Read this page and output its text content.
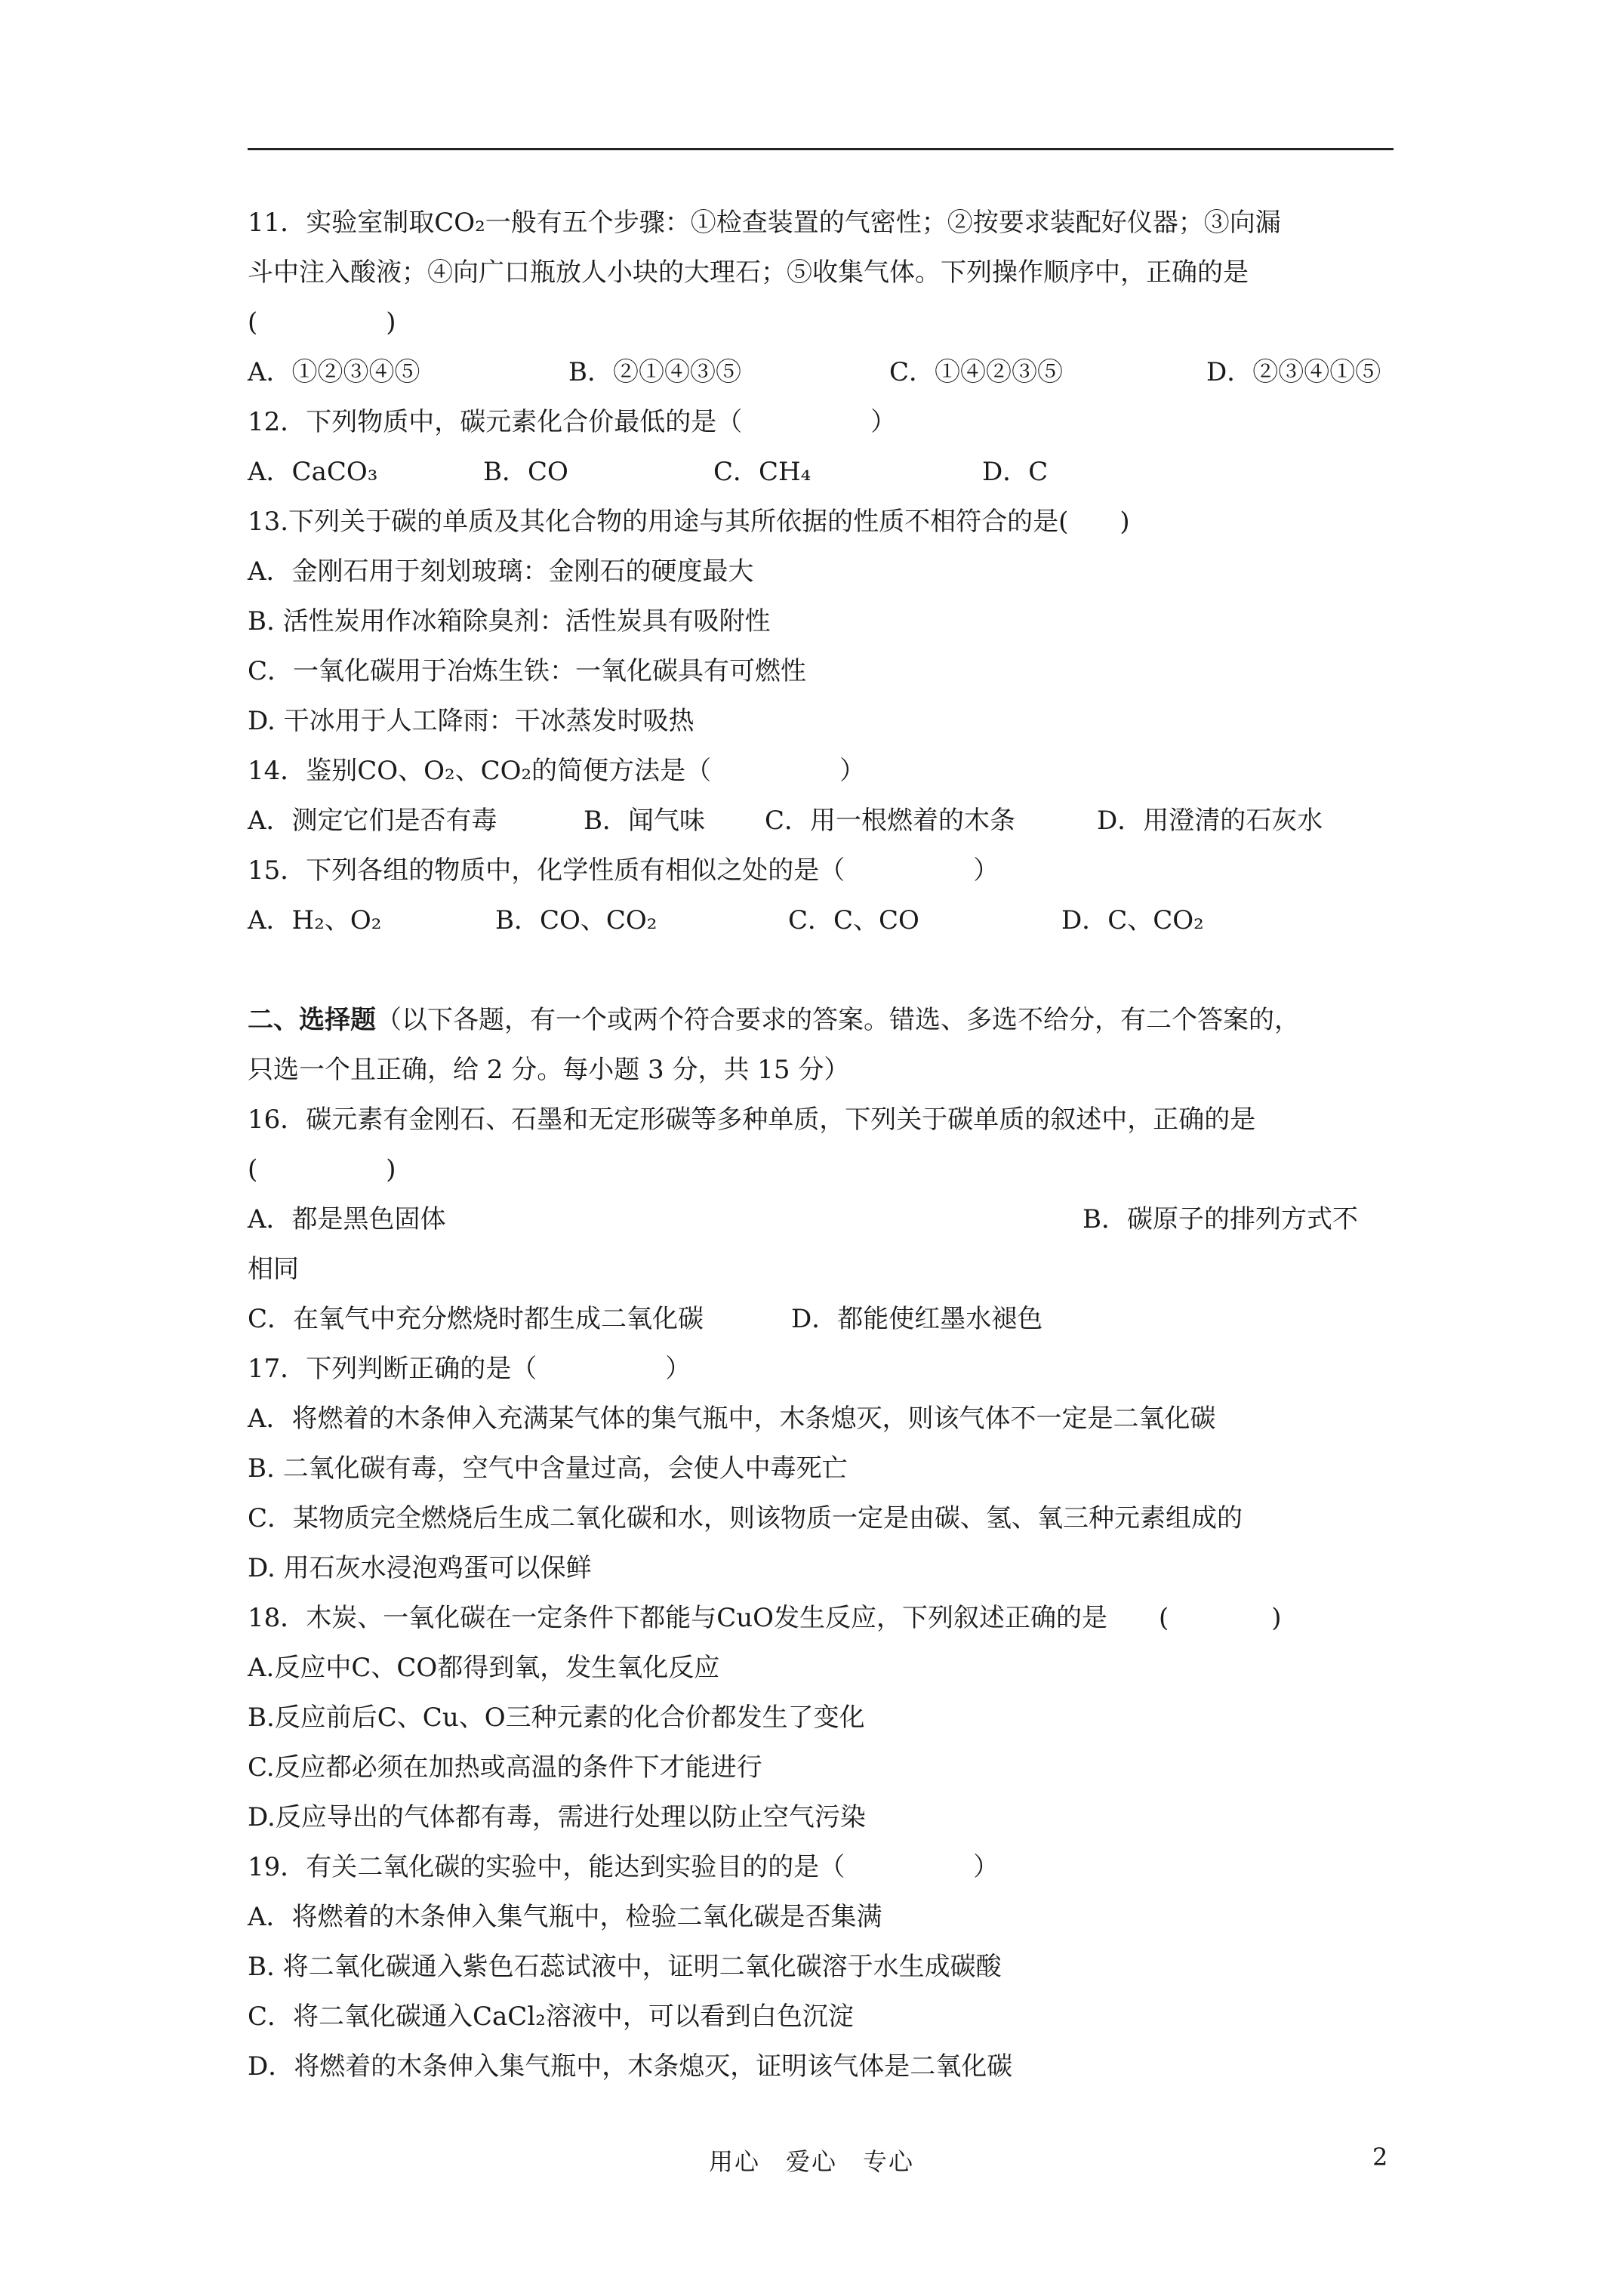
11．实验室制取CO₂一般有五个步骤：①检查装置的气密性；②按要求装配好仪器；③向漏

斗中注入酸液；④向广口瓶放人小块的大理石；⑤收集气体。下列操作顺序中，正确的是

(　　　　　)

A．①②③④⑤	B．②①④③⑤	C．①④②③⑤	D．②③④①⑤

12．下列物质中，碳元素化合价最低的是（　　　　　）

A．CaCO₃	B．CO	C．CH₄	D．C

13.下列关于碳的单质及其化合物的用途与其所依据的性质不相符合的是(　　)

A．金刚石用于刻划玻璃：金刚石的硬度最大

B. 活性炭用作冰箱除臭剂：活性炭具有吸附性

C．一氧化碳用于冶炼生铁：一氧化碳具有可燃性

D. 干冰用于人工降雨：干冰蒸发时吸热

14．鉴别CO、O₂、CO₂的简便方法是（　　　　　）

A．测定它们是否有毒	B．闻气味	C．用一根燃着的木条	D．用澄清的石灰水

15．下列各组的物质中，化学性质有相似之处的是（　　　　　）

A．H₂、O₂	B．CO、CO₂	C．C、CO	D．C、CO₂

二、选择题（以下各题，有一个或两个符合要求的答案。错选、多选不给分，有二个答案的，

只选一个且正确，给 2 分。每小题 3 分，共 15 分）

16．碳元素有金刚石、石墨和无定形碳等多种单质，下列关于碳单质的叙述中，正确的是

(　　　　　)

A．都是黑色固体	B．碳原子的排列方式不

相同

C．在氧气中充分燃烧时都生成二氧化碳	D．都能使红墨水褪色

17．下列判断正确的是（　　　　　）

A．将燃着的木条伸入充满某气体的集气瓶中，木条熄灭，则该气体不一定是二氧化碳

B. 二氧化碳有毒，空气中含量过高，会使人中毒死亡

C．某物质完全燃烧后生成二氧化碳和水，则该物质一定是由碳、氢、氧三种元素组成的

D. 用石灰水浸泡鸡蛋可以保鲜

18．木炭、一氧化碳在一定条件下都能与CuO发生反应，下列叙述正确的是　　(　　　　)

A.反应中C、CO都得到氧，发生氧化反应

B.反应前后C、Cu、O三种元素的化合价都发生了变化

C.反应都必须在加热或高温的条件下才能进行

D.反应导出的气体都有毒，需进行处理以防止空气污染

19．有关二氧化碳的实验中，能达到实验目的的是（　　　　　）

A．将燃着的木条伸入集气瓶中，检验二氧化碳是否集满

B. 将二氧化碳通入紫色石蕊试液中，证明二氧化碳溶于水生成碳酸

C．将二氧化碳通入CaCl₂溶液中，可以看到白色沉淀

D．将燃着的木条伸入集气瓶中，木条熄灭，证明该气体是二氧化碳

用心　爱心　专心	2
